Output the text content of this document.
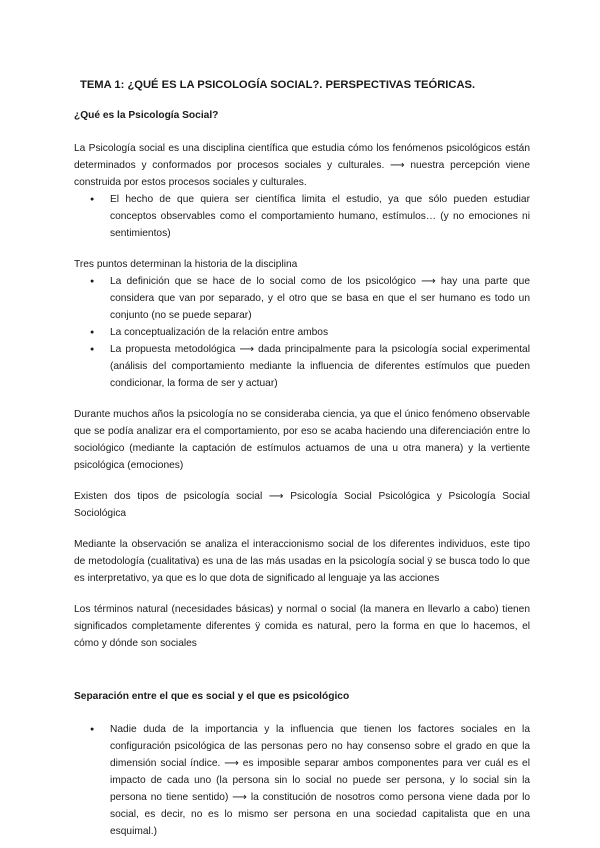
TEMA 1: ¿QUÉ ES LA PSICOLOGÍA SOCIAL?. PERSPECTIVAS TEÓRICAS.
¿Qué es la Psicología Social?

La Psicología social es una disciplina científica que estudia cómo los fenómenos psicológicos están determinados y conformados por procesos sociales y culturales. ⟶ nuestra percepción viene construida por estos procesos sociales y culturales.

● El hecho de que quiera ser científica limita el estudio, ya que sólo pueden estudiar conceptos observables como el comportamiento humano, estímulos… (y no emociones ni sentimientos)

Tres puntos determinan la historia de la disciplina

● La definición que se hace de lo social como de los psicológico ⟶ hay una parte que considera que van por separado, y el otro que se basa en que el ser humano es todo un conjunto (no se puede separar)
● La conceptualización de la relación entre ambos
● La propuesta metodológica ⟶ dada principalmente para la psicología social experimental (análisis del comportamiento mediante la influencia de diferentes estímulos que pueden condicionar, la forma de ser y actuar)

Durante muchos años la psicología no se consideraba ciencia, ya que el único fenómeno observable que se podía analizar era el comportamiento, por eso se acaba haciendo una diferenciación entre lo sociológico (mediante la captación de estímulos actuamos de una u otra manera) y la vertiente psicológica (emociones)

Existen dos tipos de psicología social ⟶ Psicología Social Psicológica y Psicología Social Sociológica

Mediante la observación se analiza el interaccionismo social de los diferentes individuos, este tipo de metodología (cualitativa) es una de las más usadas en la psicología social ÿ se busca todo lo que es interpretativo, ya que es lo que dota de significado al lenguaje ya las acciones

Los términos natural (necesidades básicas) y normal o social (la manera en llevarlo a cabo) tienen significados completamente diferentes ÿ comida es natural, pero la forma en que lo hacemos, el cómo y dónde son sociales

Separación entre el que es social y el que es psicológico
● Nadie duda de la importancia y la influencia que tienen los factores sociales en la configuración psicológica de las personas pero no hay consenso sobre el grado en que la dimensión social índice. ⟶ es imposible separar ambos componentes para ver cuál es el impacto de cada uno (la persona sin lo social no puede ser persona, y lo social sin la persona no tiene sentido) ⟶ la constitución de nosotros como persona viene dada por lo social, es decir, no es lo mismo ser persona en una sociedad capitalista que en una esquimal.)
